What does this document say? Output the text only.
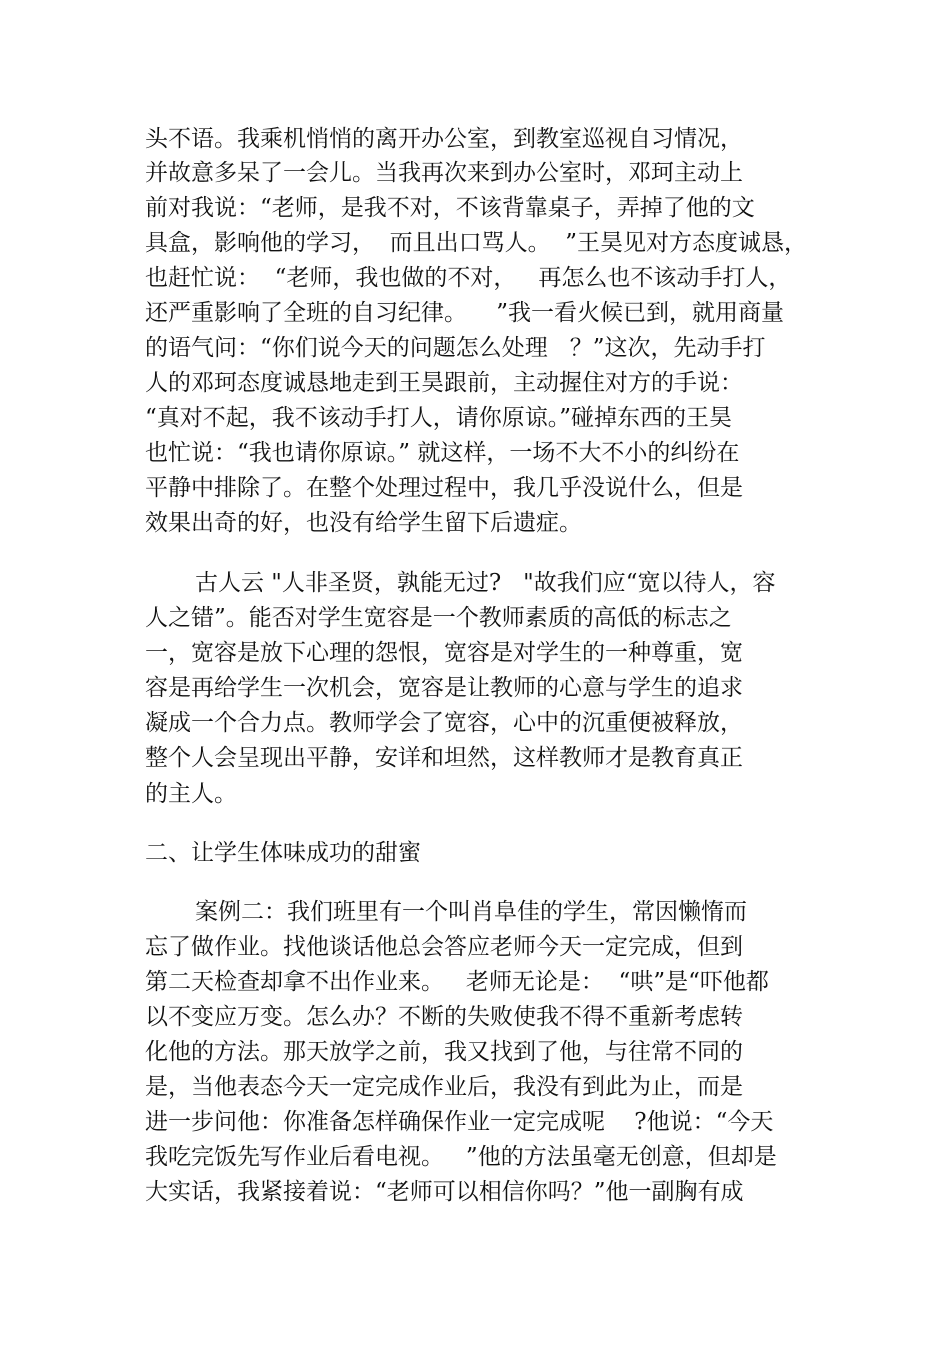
头不语。我乘机悄悄的离开办公室，到教室巡视自习情况，
并故意多呆了一会儿。当我再次来到办公室时，邓珂主动上
前对我说：“老师，是我不对，不该背靠桌子，弄掉了他的文
具盒，影响他的学习，  而且出口骂人。  ”王昊见对方态度诚恳，
也赶忙说：  “老师，我也做的不对，   再怎么也不该动手打人，
还严重影响了全班的自习纪律。    ”我一看火候已到，就用商量
的语气问：“你们说今天的问题怎么处理   ？”这次，先动手打
人的邓珂态度诚恳地走到王昊跟前，主动握住对方的手说：
“真对不起，我不该动手打人，请你原谅。”碰掉东西的王昊
也忙说：“我也请你原谅。” 就这样，一场不大不小的纠纷在
平静中排除了。在整个处理过程中，我几乎没说什么，但是
效果出奇的好，也没有给学生留下后遗症。
古人云 "人非圣贤，孰能无过?   "故我们应“宽以待人，容
人之错”。能否对学生宽容是一个教师素质的高低的标志之
一，宽容是放下心理的怨恨，宽容是对学生的一种尊重，宽
容是再给学生一次机会，宽容是让教师的心意与学生的追求
凝成一个合力点。教师学会了宽容，心中的沉重便被释放，
整个人会呈现出平静，安详和坦然，这样教师才是教育真正
的主人。
二、让学生体味成功的甜蜜
案例二：我们班里有一个叫肖阜佳的学生，常因懒惰而
忘了做作业。找他谈话他总会答应老师今天一定完成，但到
第二天检查却拿不出作业来。   老师无论是：  “哄”是“吓他都
以不变应万变。怎么办？不断的失败使我不得不重新考虑转
化他的方法。那天放学之前，我又找到了他，与往常不同的
是，当他表态今天一定完成作业后，我没有到此为止，而是
进一步问他：你准备怎样确保作业一定完成呢    ?他说：“今天
我吃完饭先写作业后看电视。   ”他的方法虽毫无创意，但却是
大实话，我紧接着说：“老师可以相信你吗？”他一副胸有成
